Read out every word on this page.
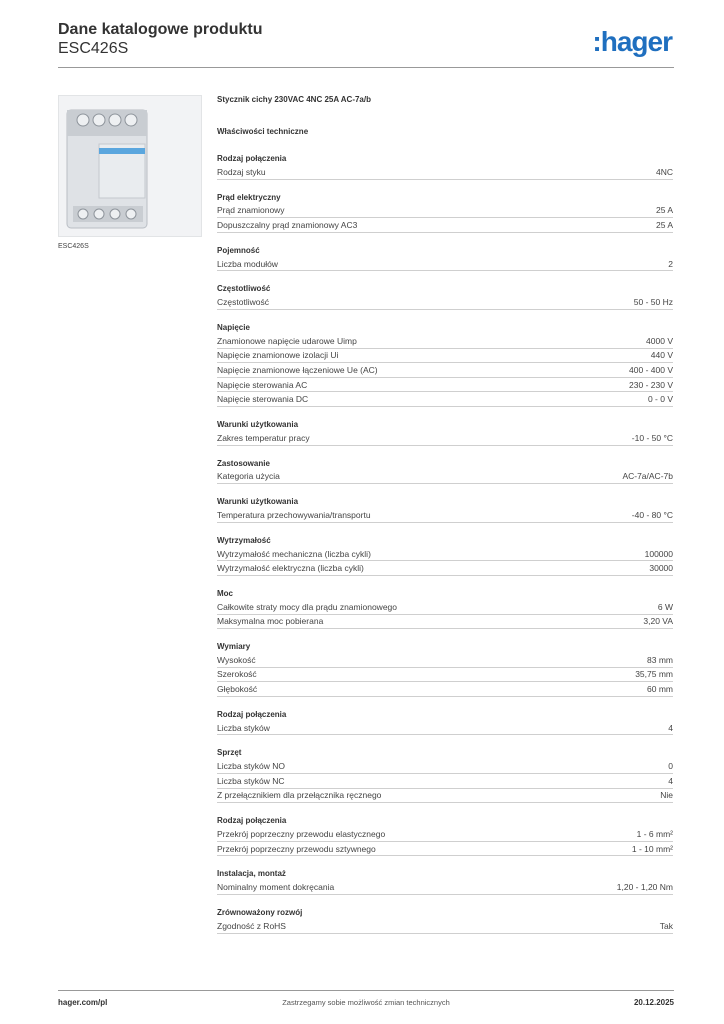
Dane katalogowe produktu
ESC426S	:hager
ESC426S
Stycznik cichy 230VAC 4NC 25A AC-7a/b
Właściwości techniczne
Rodzaj połączenia
Rodzaj styku	4NC
Prąd elektryczny
Prąd znamionowy	25 A
Dopuszczalny prąd znamionowy AC3	25 A
Pojemność
Liczba modułów	2
Częstotliwość
Częstotliwość	50 - 50 Hz
Napięcie
Znamionowe napięcie udarowe Uimp	4000 V
Napięcie znamionowe izolacji Ui	440 V
Napięcie znamionowe łączeniowe Ue (AC)	400 - 400 V
Napięcie sterowania AC	230 - 230 V
Napięcie sterowania DC	0 - 0 V
Warunki użytkowania
Zakres temperatur pracy	-10 - 50 °C
Zastosowanie
Kategoria użycia	AC-7a/AC-7b
Warunki użytkowania
Temperatura przechowywania/transportu	-40 - 80 °C
Wytrzymałość
Wytrzymałość mechaniczna (liczba cykli)	100000
Wytrzymałość elektryczna (liczba cykli)	30000
Moc
Całkowite straty mocy dla prądu znamionowego	6 W
Maksymalna moc pobierana	3,20 VA
Wymiary
Wysokość	83 mm
Szerokość	35,75 mm
Głębokość	60 mm
Rodzaj połączenia
Liczba styków	4
Sprzęt
Liczba styków NO	0
Liczba styków NC	4
Z przełącznikiem dla przełącznika ręcznego	Nie
Rodzaj połączenia
Przekrój poprzeczny przewodu elastycznego	1 - 6 mm²
Przekrój poprzeczny przewodu sztywnego	1 - 10 mm²
Instalacja, montaż
Nominalny moment dokręcania	1,20 - 1,20 Nm
Zrównoważony rozwój
Zgodność z RoHS	Tak
hager.com/pl	Zastrzegamy sobie możliwość zmian technicznych	20.12.2025
